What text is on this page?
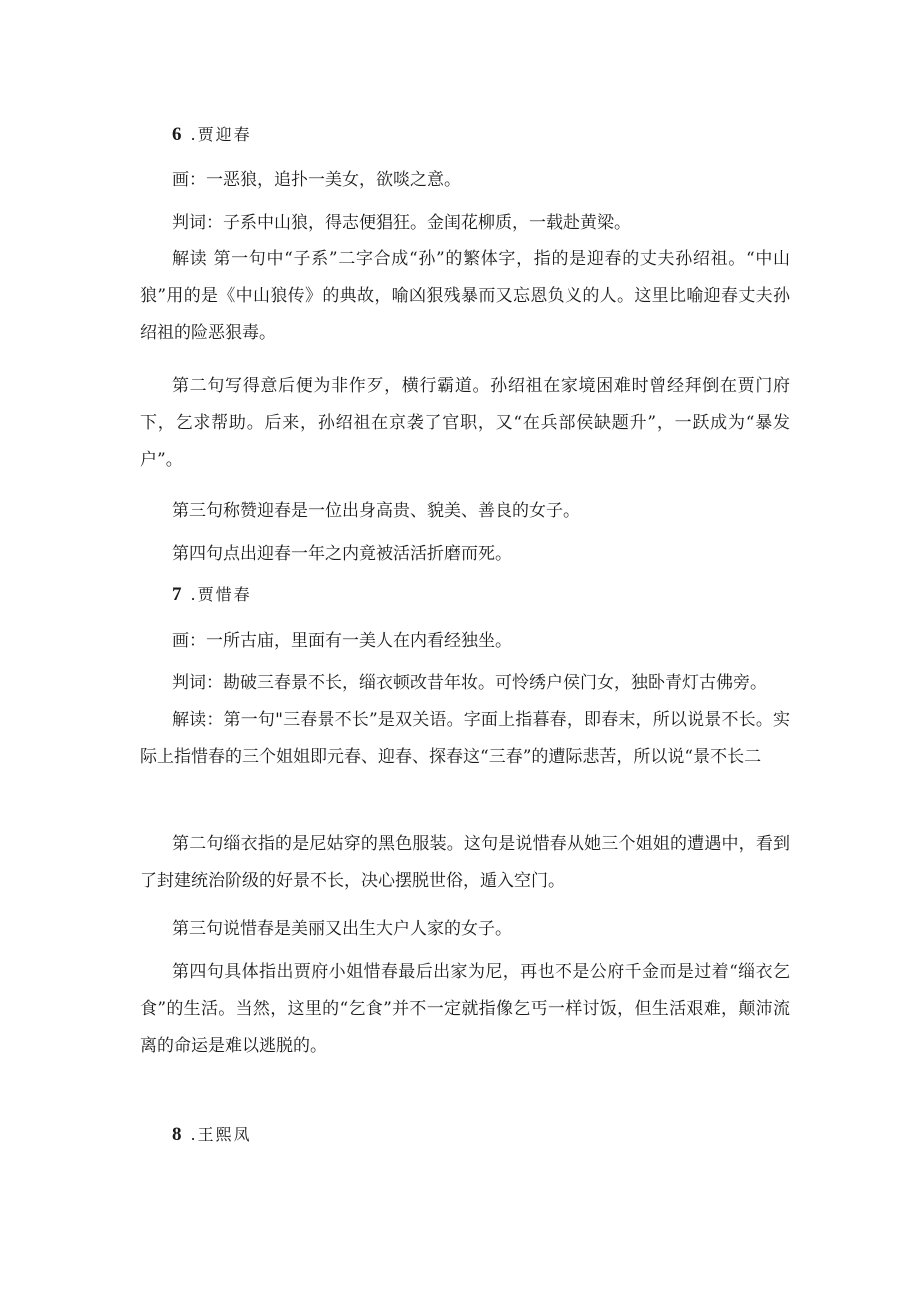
6 .贾迎春
画：一恶狼，追扑一美女，欲啖之意。
判词：子系中山狼，得志便猖狂。金闺花柳质，一载赴黄梁。

解读 第一句中“子系”二字合成“孙”的繁体字，指的是迎春的丈夫孙绍祖。“中山狼”用的是《中山狼传》的典故，喻凶狠残暴而又忘恩负义的人。这里比喻迎春丈夫孙绍祖的险恶狠毒。

第二句写得意后便为非作歹，横行霸道。孙绍祖在家境困难时曾经拜倒在贾门府下，乞求帮助。后来，孙绍祖在京袭了官职，又“在兵部侯缺题升”，一跃成为“暴发户”。

第三句称赞迎春是一位出身高贵、貌美、善良的女子。

第四句点出迎春一年之内竟被活活折磨而死。

7 .贾惜春
画：一所古庙，里面有一美人在内看经独坐。
判词：勘破三春景不长，缁衣顿改昔年妆。可怜绣户侯门女，独卧青灯古佛旁。

解读：第一句"三春景不长”是双关语。字面上指暮春，即春末，所以说景不长。实际上指惜春的三个姐姐即元春、迎春、探春这“三春”的遭际悲苦，所以说“景不长二

第二句缁衣指的是尼姑穿的黑色服装。这句是说惜春从她三个姐姐的遭遇中，看到了封建统治阶级的好景不长，决心摆脱世俗，遁入空门。

第三句说惜春是美丽又出生大户人家的女子。

第四句具体指出贾府小姐惜春最后出家为尼，再也不是公府千金而是过着“缁衣乞食”的生活。当然，这里的“乞食”并不一定就指像乞丐一样讨饭，但生活艰难，颠沛流离的命运是难以逃脱的。

8 .王熙凤
